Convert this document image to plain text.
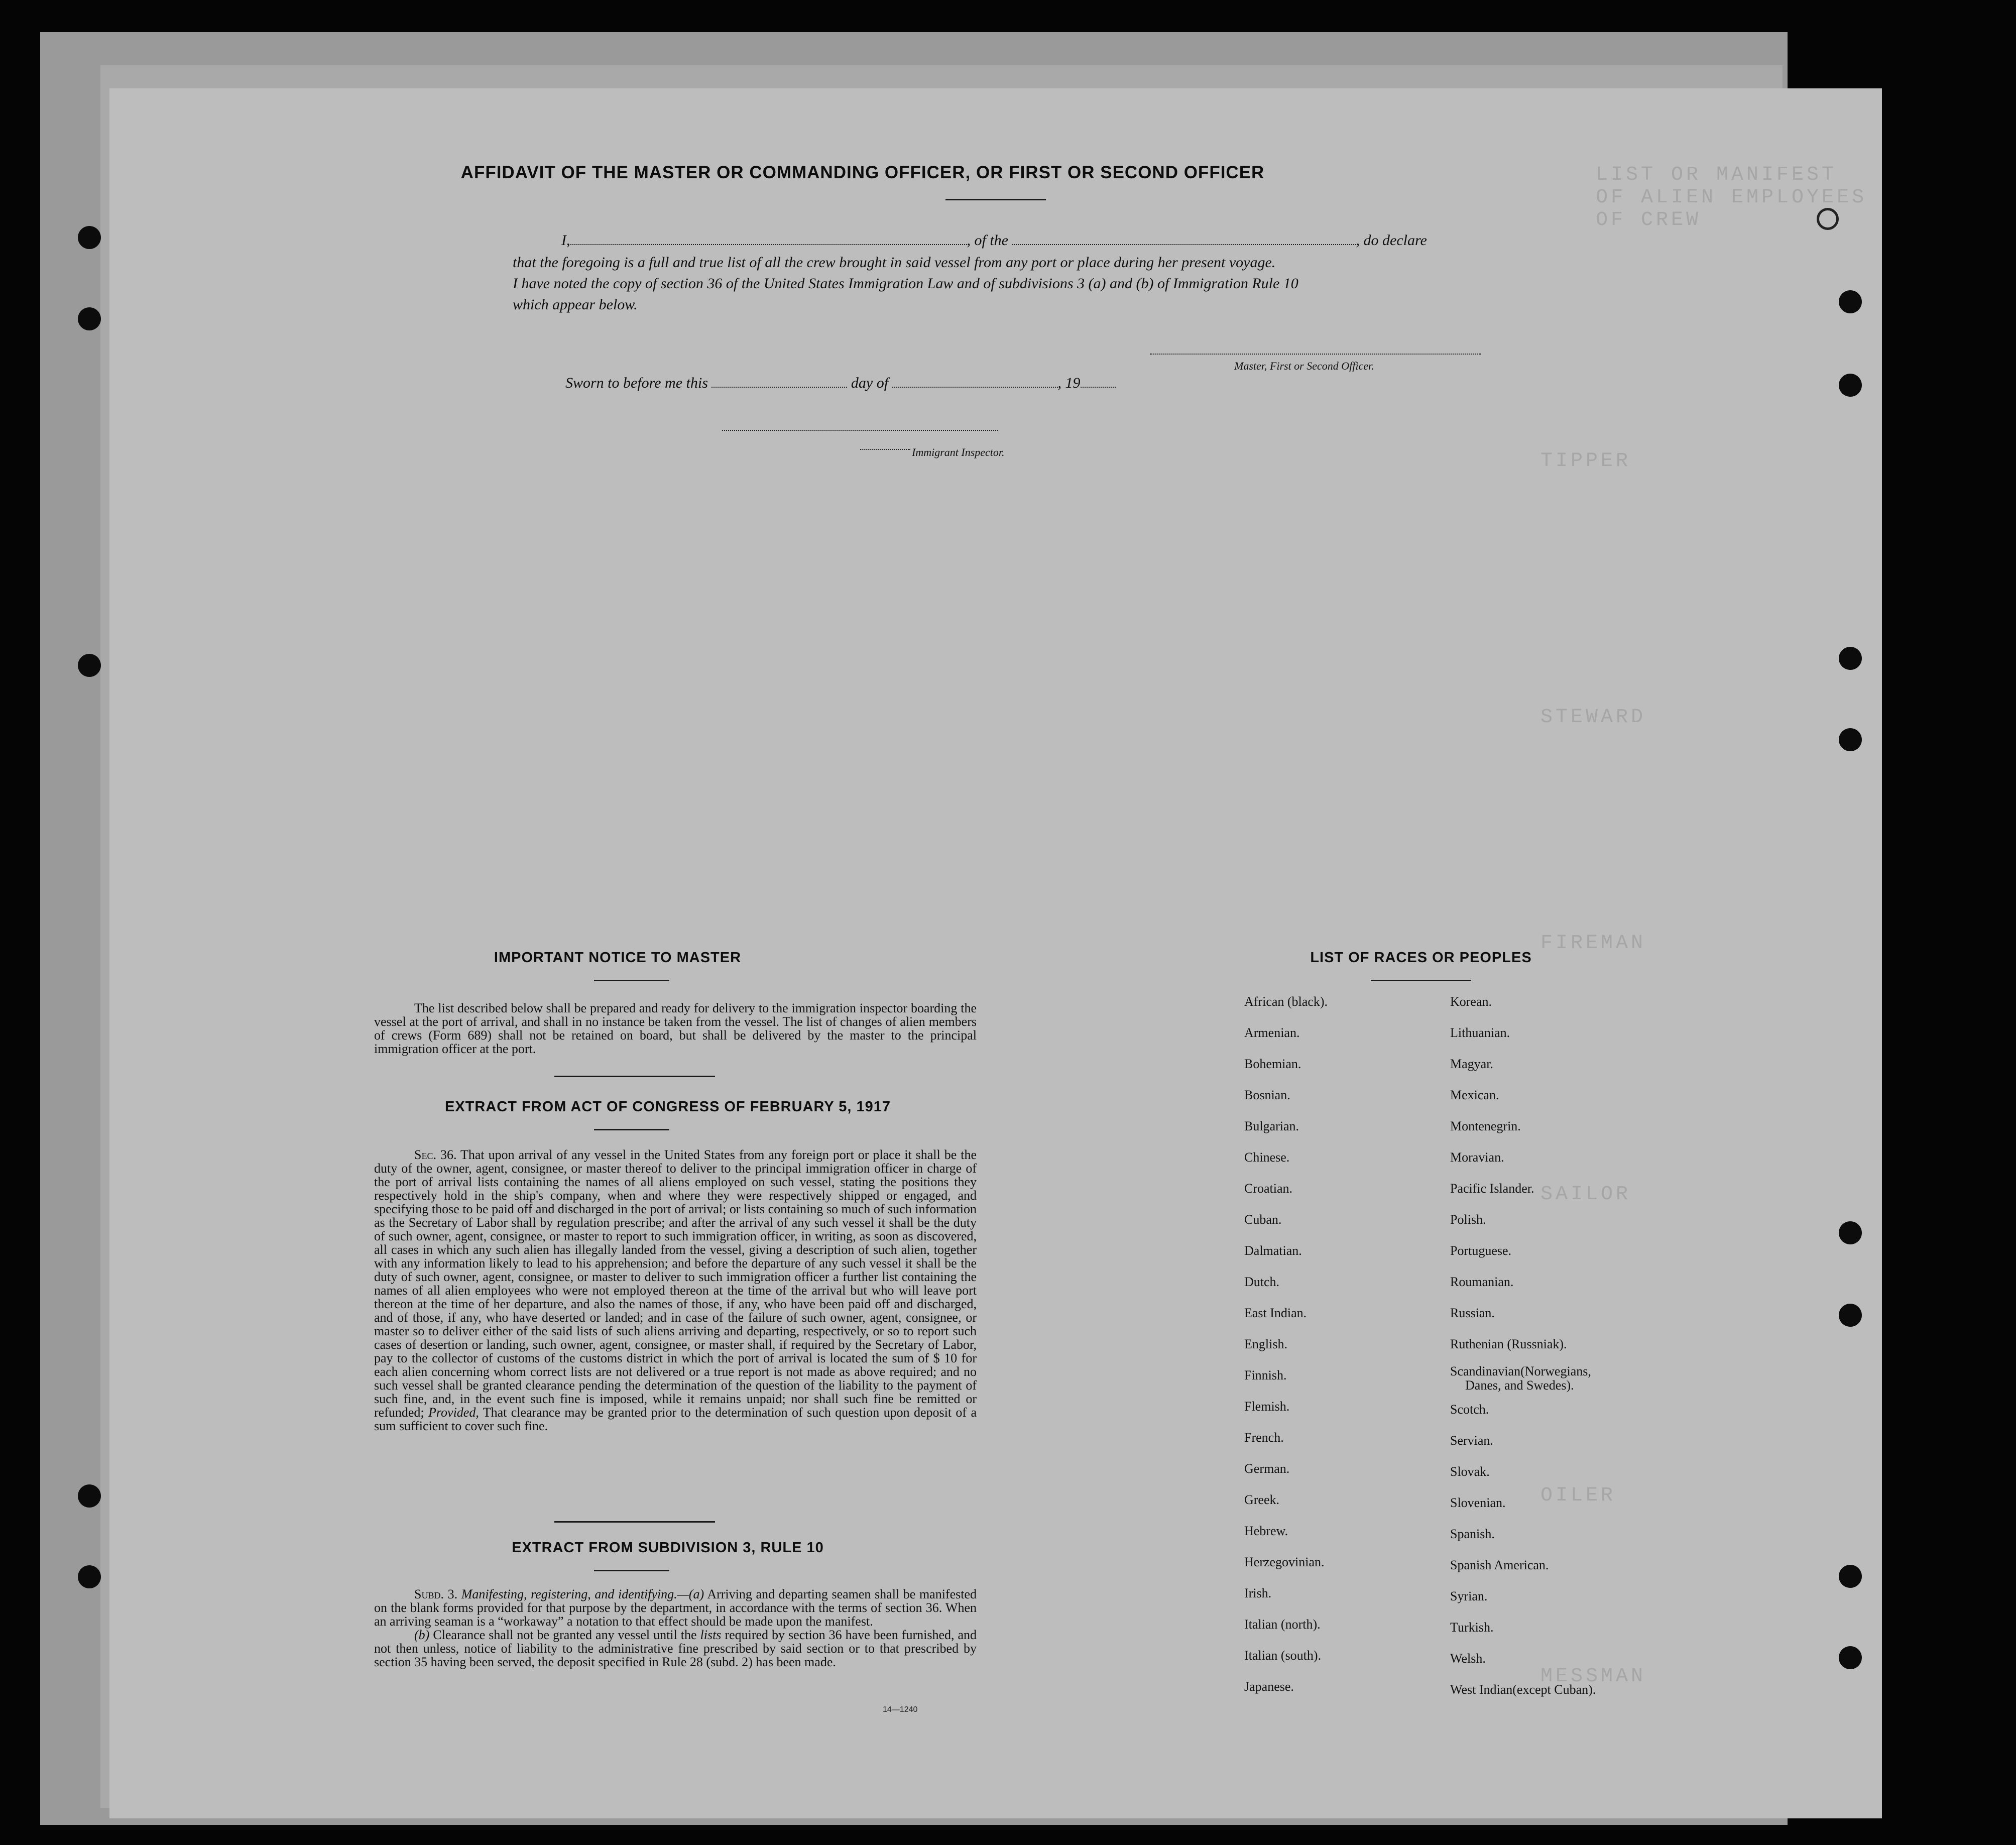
LIST OR MANIFEST OF ALIEN EMPLOYEES OF CREW
TIPPER
STEWARD
FIREMAN
SAILOR
OILER
MESSMAN
AFFIDAVIT OF THE MASTER OR COMMANDING OFFICER, OR FIRST OR SECOND OFFICER
I,	, of the	, do declare
that the foregoing is a full and true list of all the crew brought in said vessel from any port or place during her present voyage.
I have noted the copy of section 36 of the United States Immigration Law and of subdivisions 3 (a) and (b) of Immigration Rule 10
which appear below.
Master, First or Second Officer.
Sworn to before me this	day of	, 19
Immigrant Inspector.
IMPORTANT NOTICE TO MASTER

The list described below shall be prepared and ready for delivery to the immigration inspector boarding the vessel at the port of arrival, and shall in no instance be taken from the vessel. The list of changes of alien members of crews (Form 689) shall not be retained on board, but shall be delivered by the master to the principal immigration officer at the port.

EXTRACT FROM ACT OF CONGRESS OF FEBRUARY 5, 1917

Sec. 36. That upon arrival of any vessel in the United States from any foreign port or place it shall be the duty of the owner, agent, consignee, or master thereof to deliver to the principal immigration officer in charge of the port of arrival lists containing the names of all aliens employed on such vessel, stating the positions they respectively hold in the ship's company, when and where they were respectively shipped or engaged, and specifying those to be paid off and discharged in the port of arrival; or lists containing so much of such information as the Secretary of Labor shall by regulation prescribe; and after the arrival of any such vessel it shall be the duty of such owner, agent, consignee, or master to report to such immigration officer, in writing, as soon as discovered, all cases in which any such alien has illegally landed from the vessel, giving a description of such alien, together with any information likely to lead to his apprehension; and before the departure of any such vessel it shall be the duty of such owner, agent, consignee, or master to deliver to such immigration officer a further list containing the names of all alien employees who were not employed thereon at the time of the arrival but who will leave port thereon at the time of her departure, and also the names of those, if any, who have been paid off and discharged, and of those, if any, who have deserted or landed; and in case of the failure of such owner, agent, consignee, or master so to deliver either of the said lists of such aliens arriving and departing, respectively, or so to report such cases of desertion or landing, such owner, agent, consignee, or master shall, if required by the Secretary of Labor, pay to the collector of customs of the customs district in which the port of arrival is located the sum of $ 10 for each alien concerning whom correct lists are not delivered or a true report is not made as above required; and no such vessel shall be granted clearance pending the determination of the question of the liability to the payment of such fine, and, in the event such fine is imposed, while it remains unpaid; nor shall such fine be remitted or refunded; Provided, That clearance may be granted prior to the determination of such question upon deposit of a sum sufficient to cover such fine.

EXTRACT FROM SUBDIVISION 3, RULE 10

Subd. 3. Manifesting, registering, and identifying.—(a) Arriving and departing seamen shall be manifested on the blank forms provided for that purpose by the department, in accordance with the terms of section 36. When an arriving seaman is a “workaway” a notation to that effect should be made upon the manifest.

(b) Clearance shall not be granted any vessel until the lists required by section 36 have been furnished, and not then unless, notice of liability to the administrative fine prescribed by said section or to that prescribed by section 35 having been served, the deposit specified in Rule 28 (subd. 2) has been made.

14—1240
LIST OF RACES OR PEOPLES
African (black).
Armenian.
Bohemian.
Bosnian.
Bulgarian.
Chinese.
Croatian.
Cuban.
Dalmatian.
Dutch.
East Indian.
English.
Finnish.
Flemish.
French.
German.
Greek.
Hebrew.
Herzegovinian.
Irish.
Italian (north).
Italian (south).
Japanese.
Korean.
Lithuanian.
Magyar.
Mexican.
Montenegrin.
Moravian.
Pacific Islander.
Polish.
Portuguese.
Roumanian.
Russian.
Ruthenian (Russniak).
Scandinavian(Norwegians,
Danes, and Swedes).
Scotch.
Servian.
Slovak.
Slovenian.
Spanish.
Spanish American.
Syrian.
Turkish.
Welsh.
West Indian(except Cuban).
